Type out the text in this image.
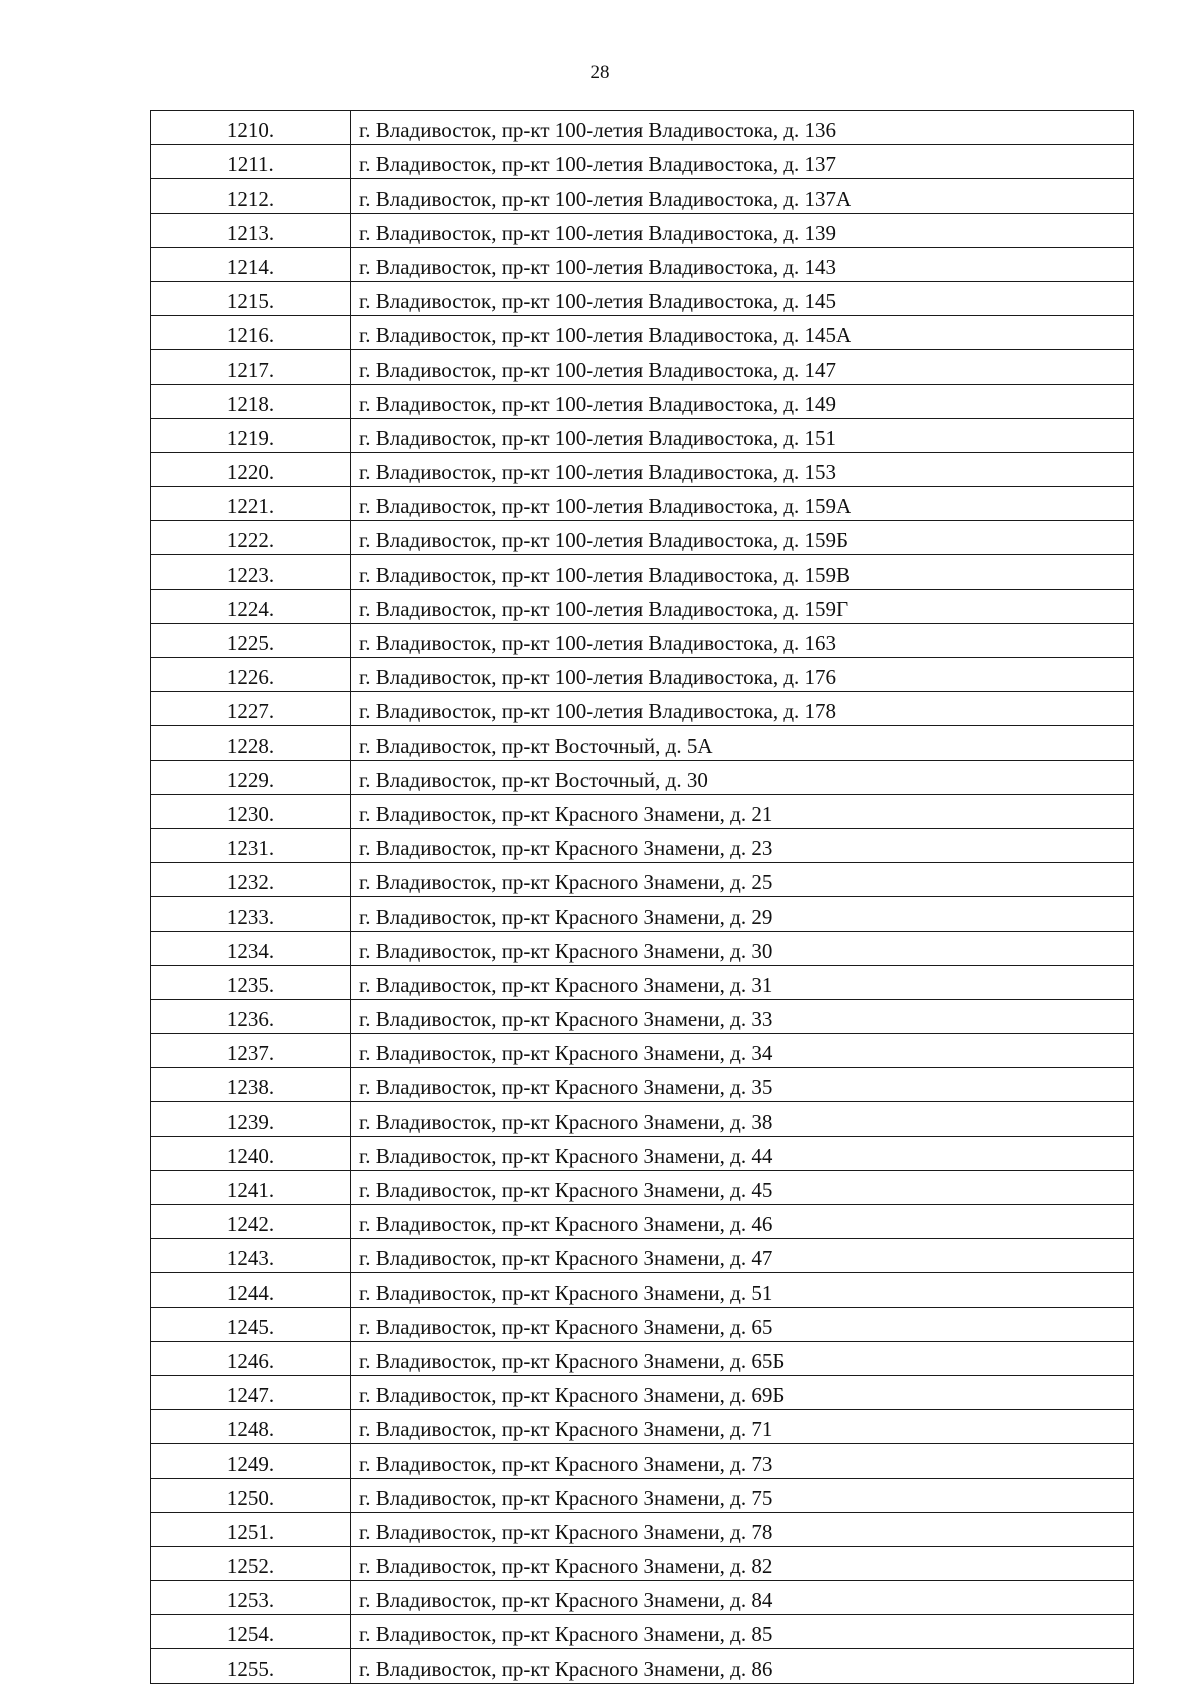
28
1210.	г. Владивосток, пр-кт 100-летия Владивостока, д. 136
1211.	г. Владивосток, пр-кт 100-летия Владивостока, д. 137
1212.	г. Владивосток, пр-кт 100-летия Владивостока, д. 137А
1213.	г. Владивосток, пр-кт 100-летия Владивостока, д. 139
1214.	г. Владивосток, пр-кт 100-летия Владивостока, д. 143
1215.	г. Владивосток, пр-кт 100-летия Владивостока, д. 145
1216.	г. Владивосток, пр-кт 100-летия Владивостока, д. 145А
1217.	г. Владивосток, пр-кт 100-летия Владивостока, д. 147
1218.	г. Владивосток, пр-кт 100-летия Владивостока, д. 149
1219.	г. Владивосток, пр-кт 100-летия Владивостока, д. 151
1220.	г. Владивосток, пр-кт 100-летия Владивостока, д. 153
1221.	г. Владивосток, пр-кт 100-летия Владивостока, д. 159А
1222.	г. Владивосток, пр-кт 100-летия Владивостока, д. 159Б
1223.	г. Владивосток, пр-кт 100-летия Владивостока, д. 159В
1224.	г. Владивосток, пр-кт 100-летия Владивостока, д. 159Г
1225.	г. Владивосток, пр-кт 100-летия Владивостока, д. 163
1226.	г. Владивосток, пр-кт 100-летия Владивостока, д. 176
1227.	г. Владивосток, пр-кт 100-летия Владивостока, д. 178
1228.	г. Владивосток, пр-кт Восточный, д. 5А
1229.	г. Владивосток, пр-кт Восточный, д. 30
1230.	г. Владивосток, пр-кт Красного Знамени, д. 21
1231.	г. Владивосток, пр-кт Красного Знамени, д. 23
1232.	г. Владивосток, пр-кт Красного Знамени, д. 25
1233.	г. Владивосток, пр-кт Красного Знамени, д. 29
1234.	г. Владивосток, пр-кт Красного Знамени, д. 30
1235.	г. Владивосток, пр-кт Красного Знамени, д. 31
1236.	г. Владивосток, пр-кт Красного Знамени, д. 33
1237.	г. Владивосток, пр-кт Красного Знамени, д. 34
1238.	г. Владивосток, пр-кт Красного Знамени, д. 35
1239.	г. Владивосток, пр-кт Красного Знамени, д. 38
1240.	г. Владивосток, пр-кт Красного Знамени, д. 44
1241.	г. Владивосток, пр-кт Красного Знамени, д. 45
1242.	г. Владивосток, пр-кт Красного Знамени, д. 46
1243.	г. Владивосток, пр-кт Красного Знамени, д. 47
1244.	г. Владивосток, пр-кт Красного Знамени, д. 51
1245.	г. Владивосток, пр-кт Красного Знамени, д. 65
1246.	г. Владивосток, пр-кт Красного Знамени, д. 65Б
1247.	г. Владивосток, пр-кт Красного Знамени, д. 69Б
1248.	г. Владивосток, пр-кт Красного Знамени, д. 71
1249.	г. Владивосток, пр-кт Красного Знамени, д. 73
1250.	г. Владивосток, пр-кт Красного Знамени, д. 75
1251.	г. Владивосток, пр-кт Красного Знамени, д. 78
1252.	г. Владивосток, пр-кт Красного Знамени, д. 82
1253.	г. Владивосток, пр-кт Красного Знамени, д. 84
1254.	г. Владивосток, пр-кт Красного Знамени, д. 85
1255.	г. Владивосток, пр-кт Красного Знамени, д. 86
